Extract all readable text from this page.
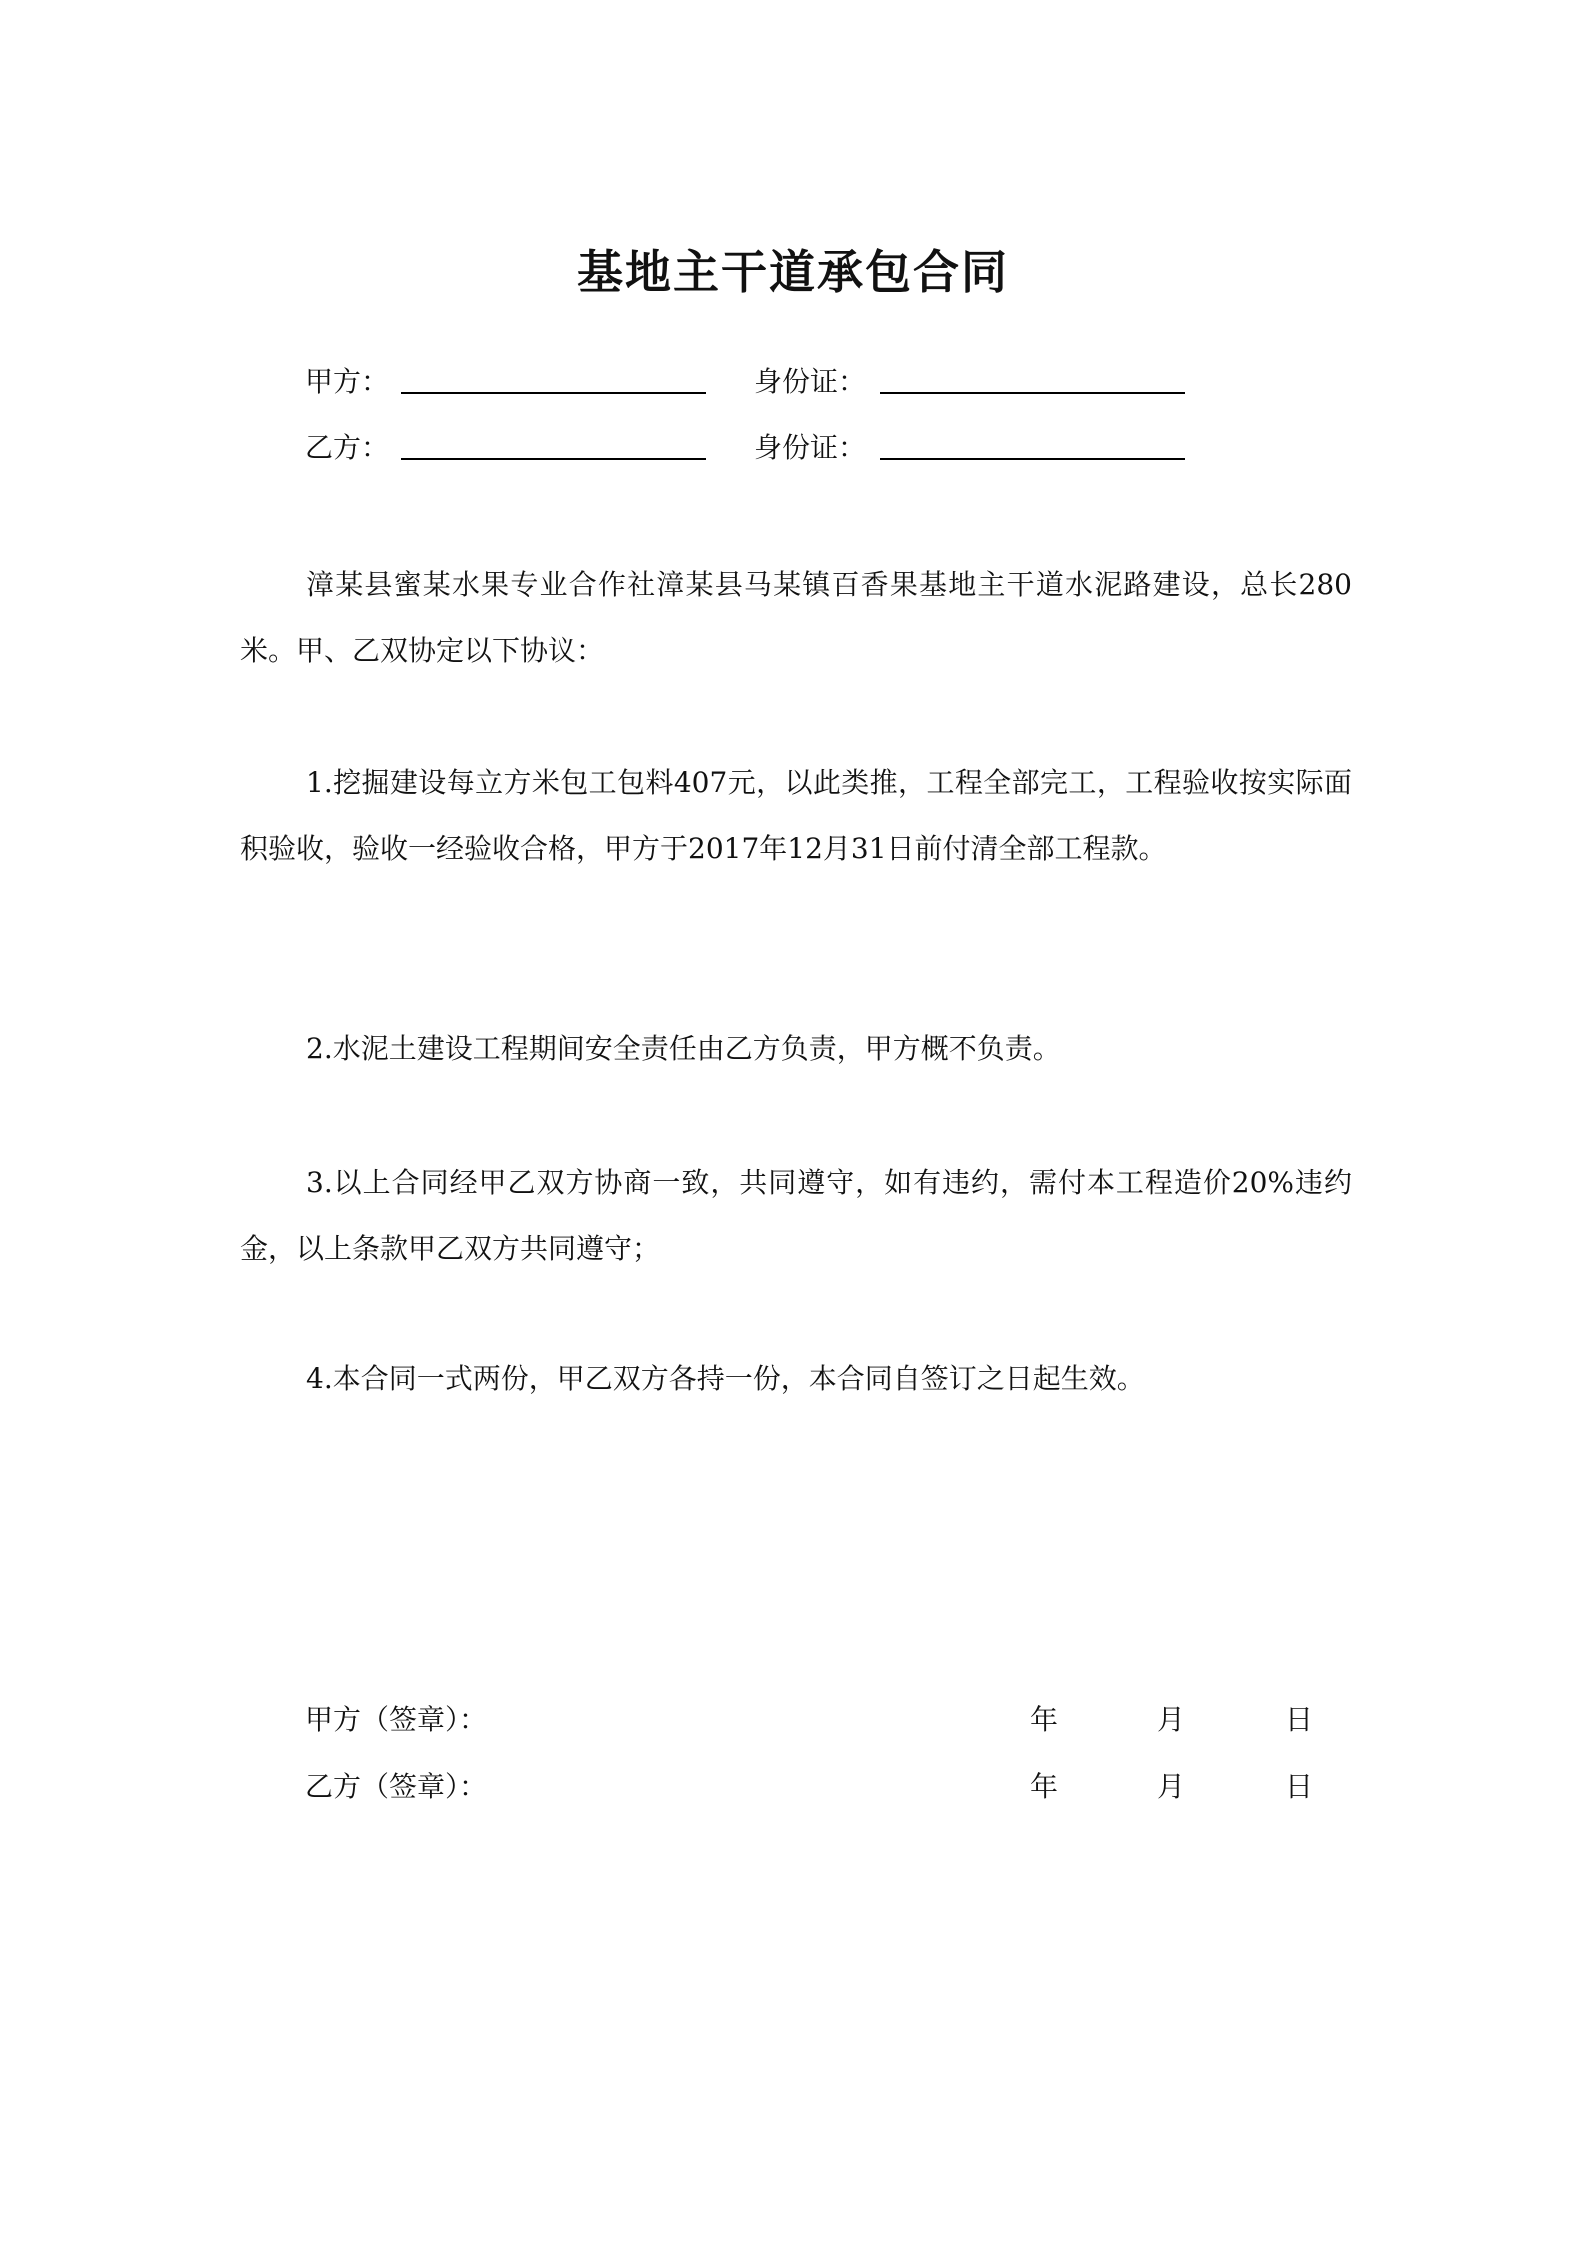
基地主干道承包合同
甲方：	身份证：
乙方：	身份证：

漳某县蜜某水果专业合作社漳某县马某镇百香果基地主干道水泥路建设，总长280米。甲、乙双协定以下协议：

1.挖掘建设每立方米包工包料407元，以此类推，工程全部完工，工程验收按实际面积验收，验收一经验收合格，甲方于2017年12月31日前付清全部工程款。

2.水泥土建设工程期间安全责任由乙方负责，甲方概不负责。

3.以上合同经甲乙双方协商一致，共同遵守，如有违约，需付本工程造价20%违约金，以上条款甲乙双方共同遵守；

4.本合同一式两份，甲乙双方各持一份，本合同自签订之日起生效。

甲方（签章）：	年	月	日
乙方（签章）：	年	月	日
